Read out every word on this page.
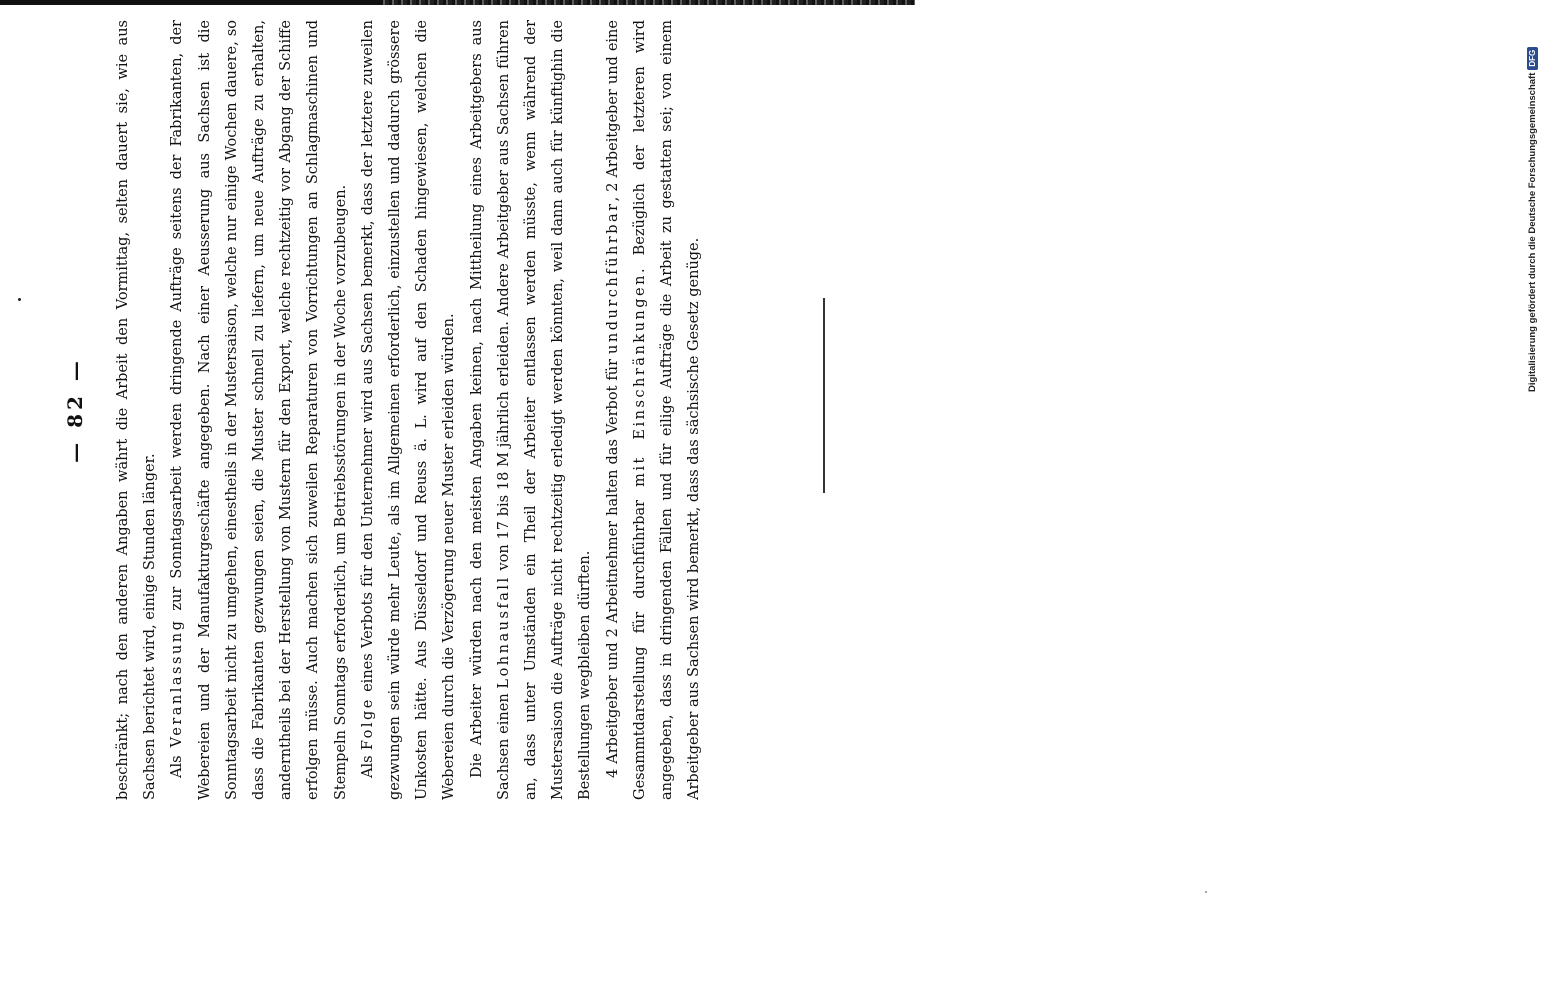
— 82 —	beschränkt; nach den anderen Angaben währt die Arbeit den Vormittag, selten dauert sie, wie aus Sachsen berichtet wird, einige Stunden länger. Als Veranlassung zur Sonntagsarbeit werden dringende Aufträge seitens der Fabrikanten, der Webereien und der Manufakturgeschäfte angegeben. Nach einer Aeusserung aus Sachsen ist die Sonntagsarbeit nicht zu umgehen, einestheils in der Mustersaison, welche nur einige Wochen dauere, so dass die Fabrikanten gezwungen seien, die Muster schnell zu liefern, um neue Aufträge zu erhalten, anderntheils bei der Herstellung von Mustern für den Export, welche rechtzeitig vor Abgang der Schiffe erfolgen müsse. Auch machen sich zuweilen Reparaturen von Vorrichtungen an Schlagmaschinen und Stempeln Sonntags erforderlich, um Betriebsstörungen in der Woche vorzubeugen. Als Folge eines Verbots für den Unternehmer wird aus Sachsen bemerkt, dass der letztere zuweilen gezwungen sein würde mehr Leute, als im Allgemeinen erforderlich, einzustellen und dadurch grössere Unkosten hätte. Aus Düsseldorf und Reuss ä. L. wird auf den Schaden hingewiesen, welchen die Webereien durch die Verzögerung neuer Muster erleiden würden. Die Arbeiter würden nach den meisten Angaben keinen, nach Mittheilung eines Arbeitgebers aus Sachsen einen Lohnausfall von 17 bis 18 M jährlich erleiden. Andere Arbeitgeber aus Sachsen führen an, dass unter Umständen ein Theil der Arbeiter entlassen werden müsste, wenn während der Mustersaison die Aufträge nicht rechtzeitig erledigt werden könnten, weil dann auch für künftighin die Bestellungen wegbleiben dürften. 4 Arbeitgeber und 2 Arbeitnehmer halten das Verbot für undurchführbar, 2 Arbeitgeber und eine Gesammtdarstellung für durchführbar mit Einschränkungen. Bezüglich der letzteren wird angegeben, dass in dringenden Fällen und für eilige Aufträge die Arbeit zu gestatten sei; von einem Arbeitgeber aus Sachsen wird bemerkt, dass das sächsische Gesetz genüge.

Digitalisierung gefördert durch die Deutsche Forschungsgemeinschaft
DFG
